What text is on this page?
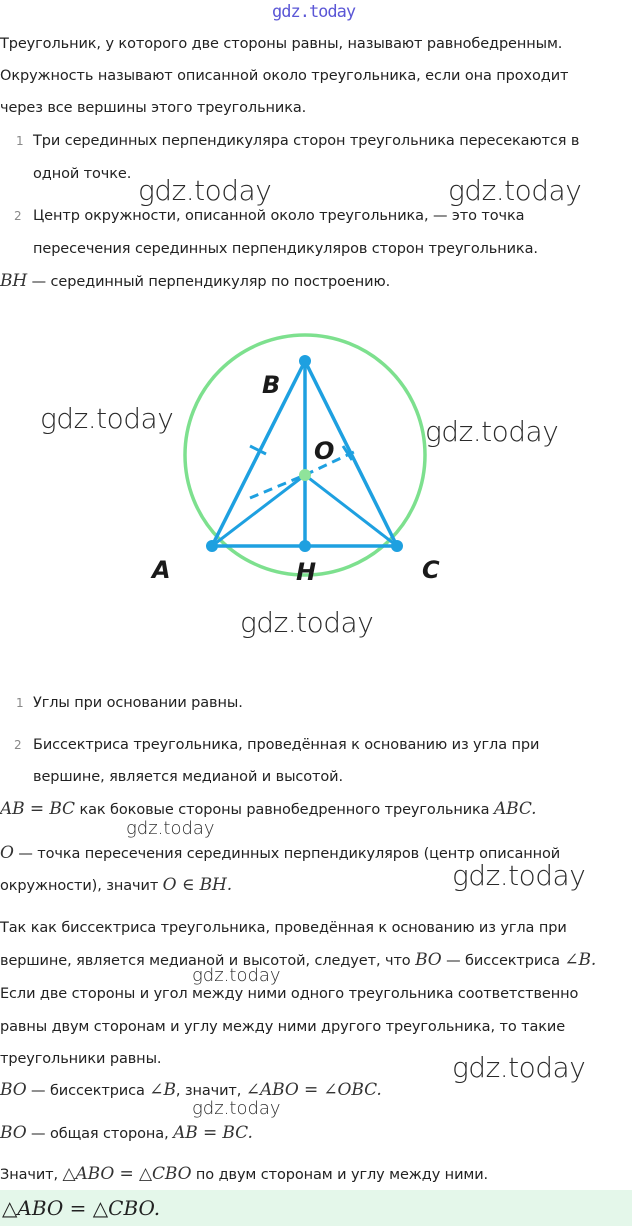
gdz.today
Треугольник, у которого две стороны равны, называют равнобедренным.
Окружность называют описанной около треугольника, если она проходит
через все вершины этого треугольника.
1 Три серединных перпендикуляра сторон треугольника пересекаются в
одной точке.
2 Центр окружности, описанной около треугольника, — это точка
пересечения серединных перпендикуляров сторон треугольника.
BH — серединный перпендикуляр по построению.
B
O
A	H	C
1 Углы при основании равны.
2 Биссектриса треугольника, проведённая к основанию из угла при
вершине, является медианой и высотой.
AB = BC как боковые стороны равнобедренного треугольника ABC.
O — точка пересечения серединных перпендикуляров (центр описанной
окружности), значит O ∈ BH.
Так как биссектриса треугольника, проведённая к основанию из угла при
вершине, является медианой и высотой, следует, что BO — биссектриса ∠B.
Если две стороны и угол между ними одного треугольника соответственно
равны двум сторонам и углу между ними другого треугольника, то такие
треугольники равны.
BO — биссектриса ∠B, значит, ∠ABO = ∠OBC.
BO — общая сторона, AB = BC.
Значит, △ABO = △CBO по двум сторонам и углу между ними.
△ABO = △CBO.
gdz.today	gdz.today
gdz.today	gdz.today
gdz.today
gdz.today
gdz.today
gdz.today
gdz.today
gdz.today
